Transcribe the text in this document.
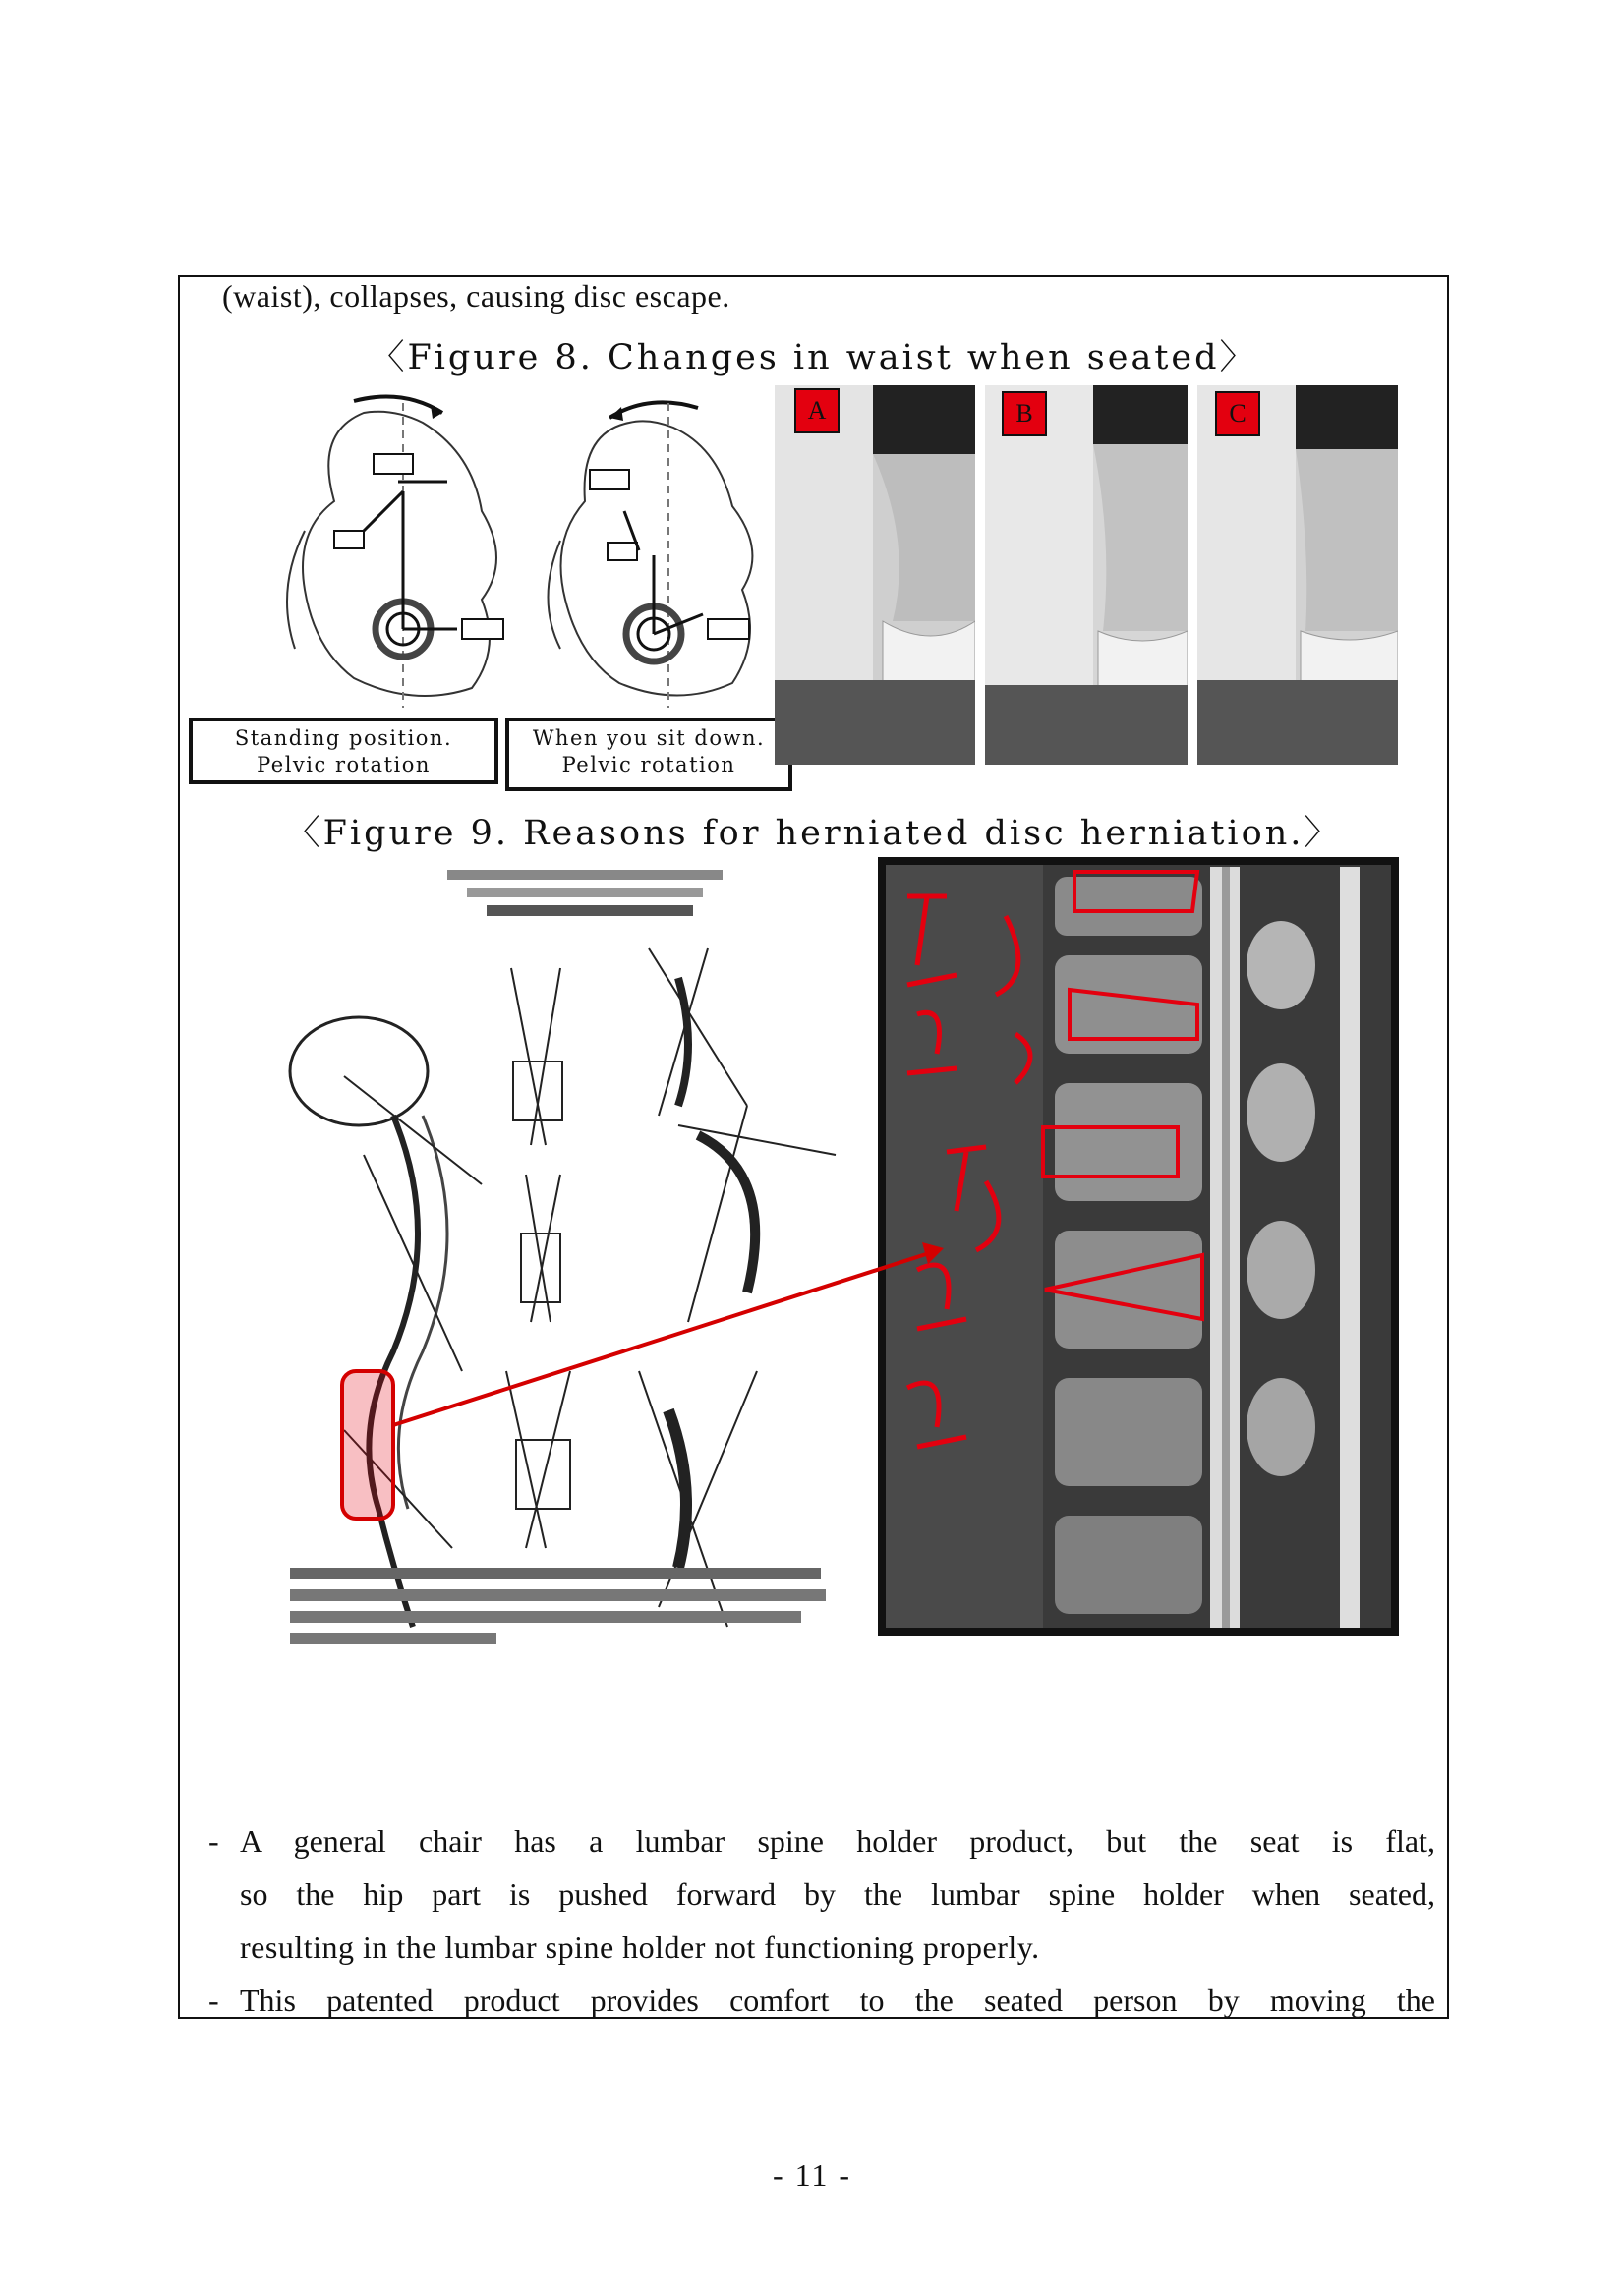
(waist), collapses, causing disc escape.
〈Figure 8. Changes in waist when seated〉
Standing position.
Pelvic rotation
When you sit down.
Pelvic rotation
A	B	C
〈Figure 9. Reasons for herniated disc herniation.〉
- A general chair has a lumbar spine holder product, but the seat is flat,
so the hip part is pushed forward by the lumbar spine holder when seated,
resulting in the lumbar spine holder not functioning properly.
- This patented product provides comfort to the seated person by moving the
- 11 -
